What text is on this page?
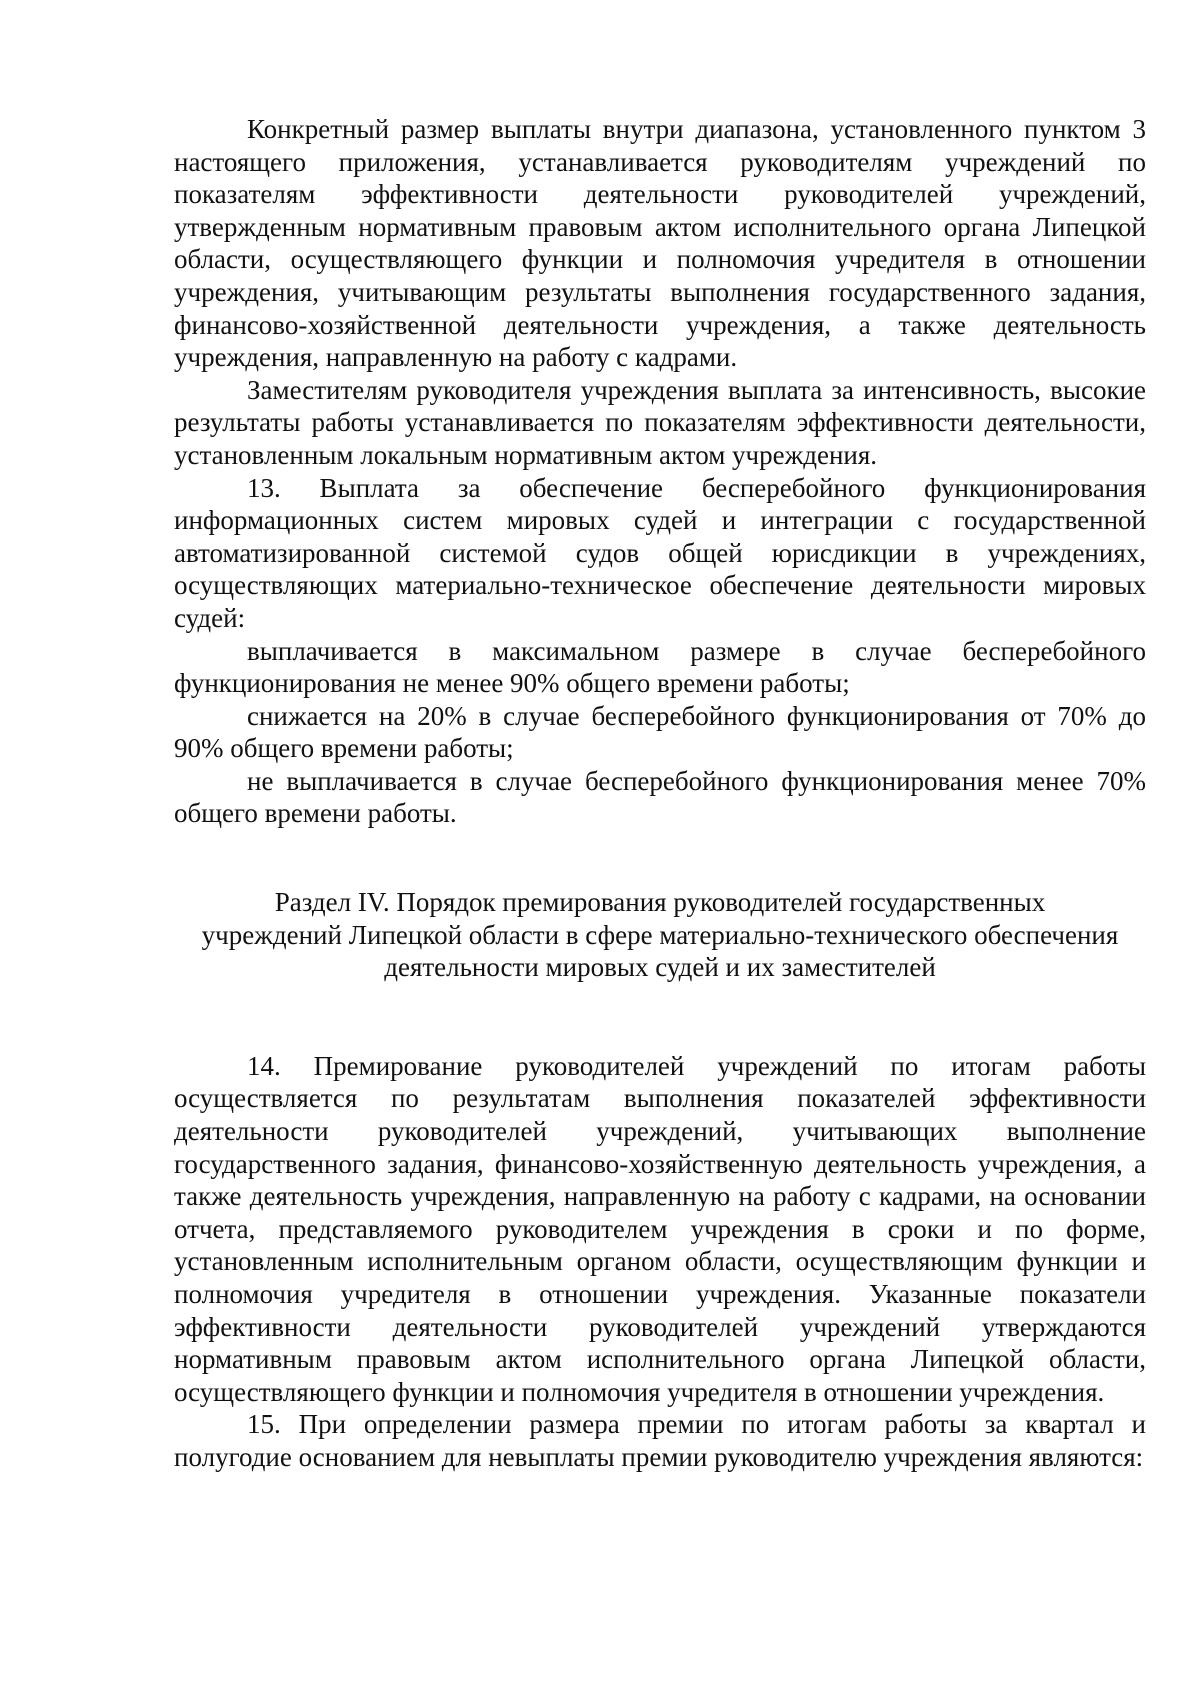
Конкретный размер выплаты внутри диапазона, установленного пунктом 3 настоящего приложения, устанавливается руководителям учреждений по показателям эффективности деятельности руководителей учреждений, утвержденным нормативным правовым актом исполнительного органа Липецкой области, осуществляющего функции и полномочия учредителя в отношении учреждения, учитывающим результаты выполнения государственного задания, финансово-хозяйственной деятельности учреждения, а также деятельность учреждения, направленную на работу с кадрами.

Заместителям руководителя учреждения выплата за интенсивность, высокие результаты работы устанавливается по показателям эффективности деятельности, установленным локальным нормативным актом учреждения.

13. Выплата за обеспечение бесперебойного функционирования информационных систем мировых судей и интеграции с государственной автоматизированной системой судов общей юрисдикции в учреждениях, осуществляющих материально-техническое обеспечение деятельности мировых судей:

выплачивается в максимальном размере в случае бесперебойного функционирования не менее 90% общего времени работы;

снижается на 20% в случае бесперебойного функционирования от 70% до 90% общего времени работы;

не выплачивается в случае бесперебойного функционирования менее 70% общего времени работы.

Раздел IV. Порядок премирования руководителей государственных
учреждений Липецкой области в сфере материально-технического обеспечения
деятельности мировых судей и их заместителей

14. Премирование руководителей учреждений по итогам работы осуществляется по результатам выполнения показателей эффективности деятельности руководителей учреждений, учитывающих выполнение государственного задания, финансово-хозяйственную деятельность учреждения, а также деятельность учреждения, направленную на работу с кадрами, на основании отчета, представляемого руководителем учреждения в сроки и по форме, установленным исполнительным органом области, осуществляющим функции и полномочия учредителя в отношении учреждения. Указанные показатели эффективности деятельности руководителей учреждений утверждаются нормативным правовым актом исполнительного органа Липецкой области, осуществляющего функции и полномочия учредителя в отношении учреждения.

15. При определении размера премии по итогам работы за квартал и полугодие основанием для невыплаты премии руководителю учреждения являются:
